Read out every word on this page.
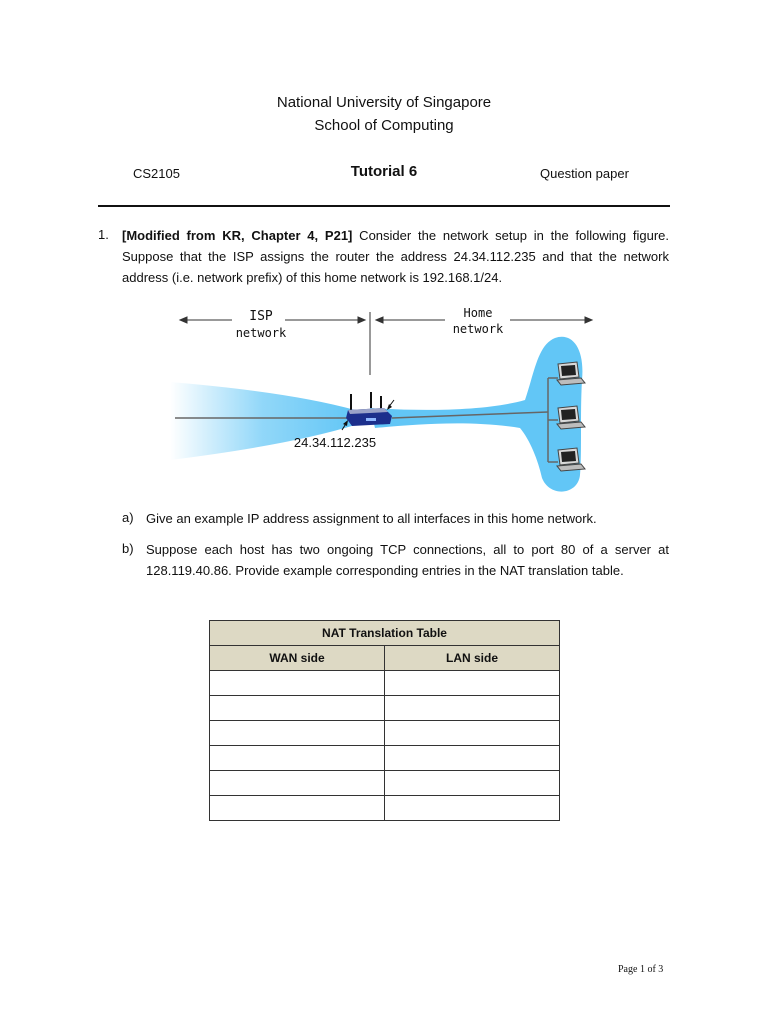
National University of Singapore
School of Computing
CS2105	Tutorial 6	Question paper
1. [Modified from KR, Chapter 4, P21] Consider the network setup in the following figure.
Suppose that the ISP assigns the router the address 24.34.112.235 and that the network
address (i.e. network prefix) of this home network is 192.168.1/24.
ISP
network
Home
network
24.34.112.235
a) Give an example IP address assignment to all interfaces in this home network.
b) Suppose each host has two ongoing TCP connections, all to port 80 of a server at
128.119.40.86. Provide example corresponding entries in the NAT translation table.
NAT Translation Table	
WAN side	LAN side

Page 1 of 3
